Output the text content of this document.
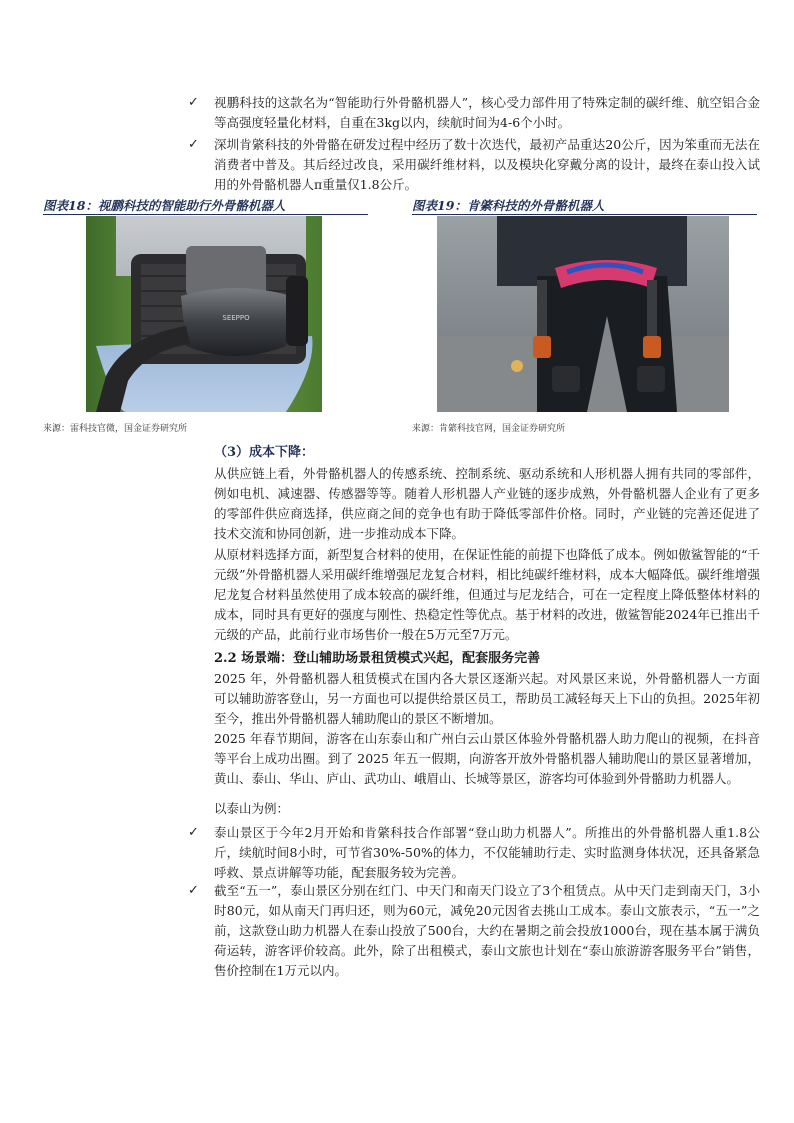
✓ 视鹏科技的这款名为“智能助行外骨骼机器人”，核心受力部件用了特殊定制的碳纤维、航空铝合金等高强度轻量化材料，自重在3kg以内，续航时间为4-6个小时。
✓ 深圳肯綮科技的外骨骼在研发过程中经历了数十次迭代，最初产品重达20公斤，因为笨重而无法在消费者中普及。其后经过改良，采用碳纤维材料，以及模块化穿戴分离的设计，最终在泰山投入试用的外骨骼机器人π重量仅1.8公斤。
图表18：视鹏科技的智能助行外骨骼机器人	图表19：肯綮科技的外骨骼机器人
SEEPPO
来源：雷科技官微，国金证券研究所	来源：肯綮科技官网，国金证券研究所
（3）成本下降：
从供应链上看，外骨骼机器人的传感系统、控制系统、驱动系统和人形机器人拥有共同的零部件，例如电机、减速器、传感器等等。随着人形机器人产业链的逐步成熟，外骨骼机器人企业有了更多的零部件供应商选择，供应商之间的竞争也有助于降低零部件价格。同时，产业链的完善还促进了技术交流和协同创新，进一步推动成本下降。
从原材料选择方面，新型复合材料的使用，在保证性能的前提下也降低了成本。例如傲鲨智能的“千元级”外骨骼机器人采用碳纤维增强尼龙复合材料，相比纯碳纤维材料，成本大幅降低。碳纤维增强尼龙复合材料虽然使用了成本较高的碳纤维，但通过与尼龙结合，可在一定程度上降低整体材料的成本，同时具有更好的强度与刚性、热稳定性等优点。基于材料的改进，傲鲨智能2024年已推出千元级的产品，此前行业市场售价一般在5万元至7万元。
2.2 场景端：登山辅助场景租赁模式兴起，配套服务完善
2025 年，外骨骼机器人租赁模式在国内各大景区逐渐兴起。对风景区来说，外骨骼机器人一方面可以辅助游客登山，另一方面也可以提供给景区员工，帮助员工减轻每天上下山的负担。2025年初至今，推出外骨骼机器人辅助爬山的景区不断增加。
2025 年春节期间，游客在山东泰山和广州白云山景区体验外骨骼机器人助力爬山的视频，在抖音等平台上成功出圈。到了 2025 年五一假期，向游客开放外骨骼机器人辅助爬山的景区显著增加，黄山、泰山、华山、庐山、武功山、峨眉山、长城等景区，游客均可体验到外骨骼助力机器人。
以泰山为例：
✓ 泰山景区于今年2月开始和肯綮科技合作部署“登山助力机器人”。所推出的外骨骼机器人重1.8公斤，续航时间8小时，可节省30%-50%的体力，不仅能辅助行走、实时监测身体状况，还具备紧急呼救、景点讲解等功能，配套服务较为完善。
✓ 截至“五一”，泰山景区分别在红门、中天门和南天门设立了3个租赁点。从中天门走到南天门，3小时80元，如从南天门再归还，则为60元，减免20元因省去挑山工成本。泰山文旅表示，“五一”之前，这款登山助力机器人在泰山投放了500台，大约在暑期之前会投放1000台，现在基本属于满负荷运转，游客评价较高。此外，除了出租模式，泰山文旅也计划在“泰山旅游游客服务平台”销售，售价控制在1万元以内。
